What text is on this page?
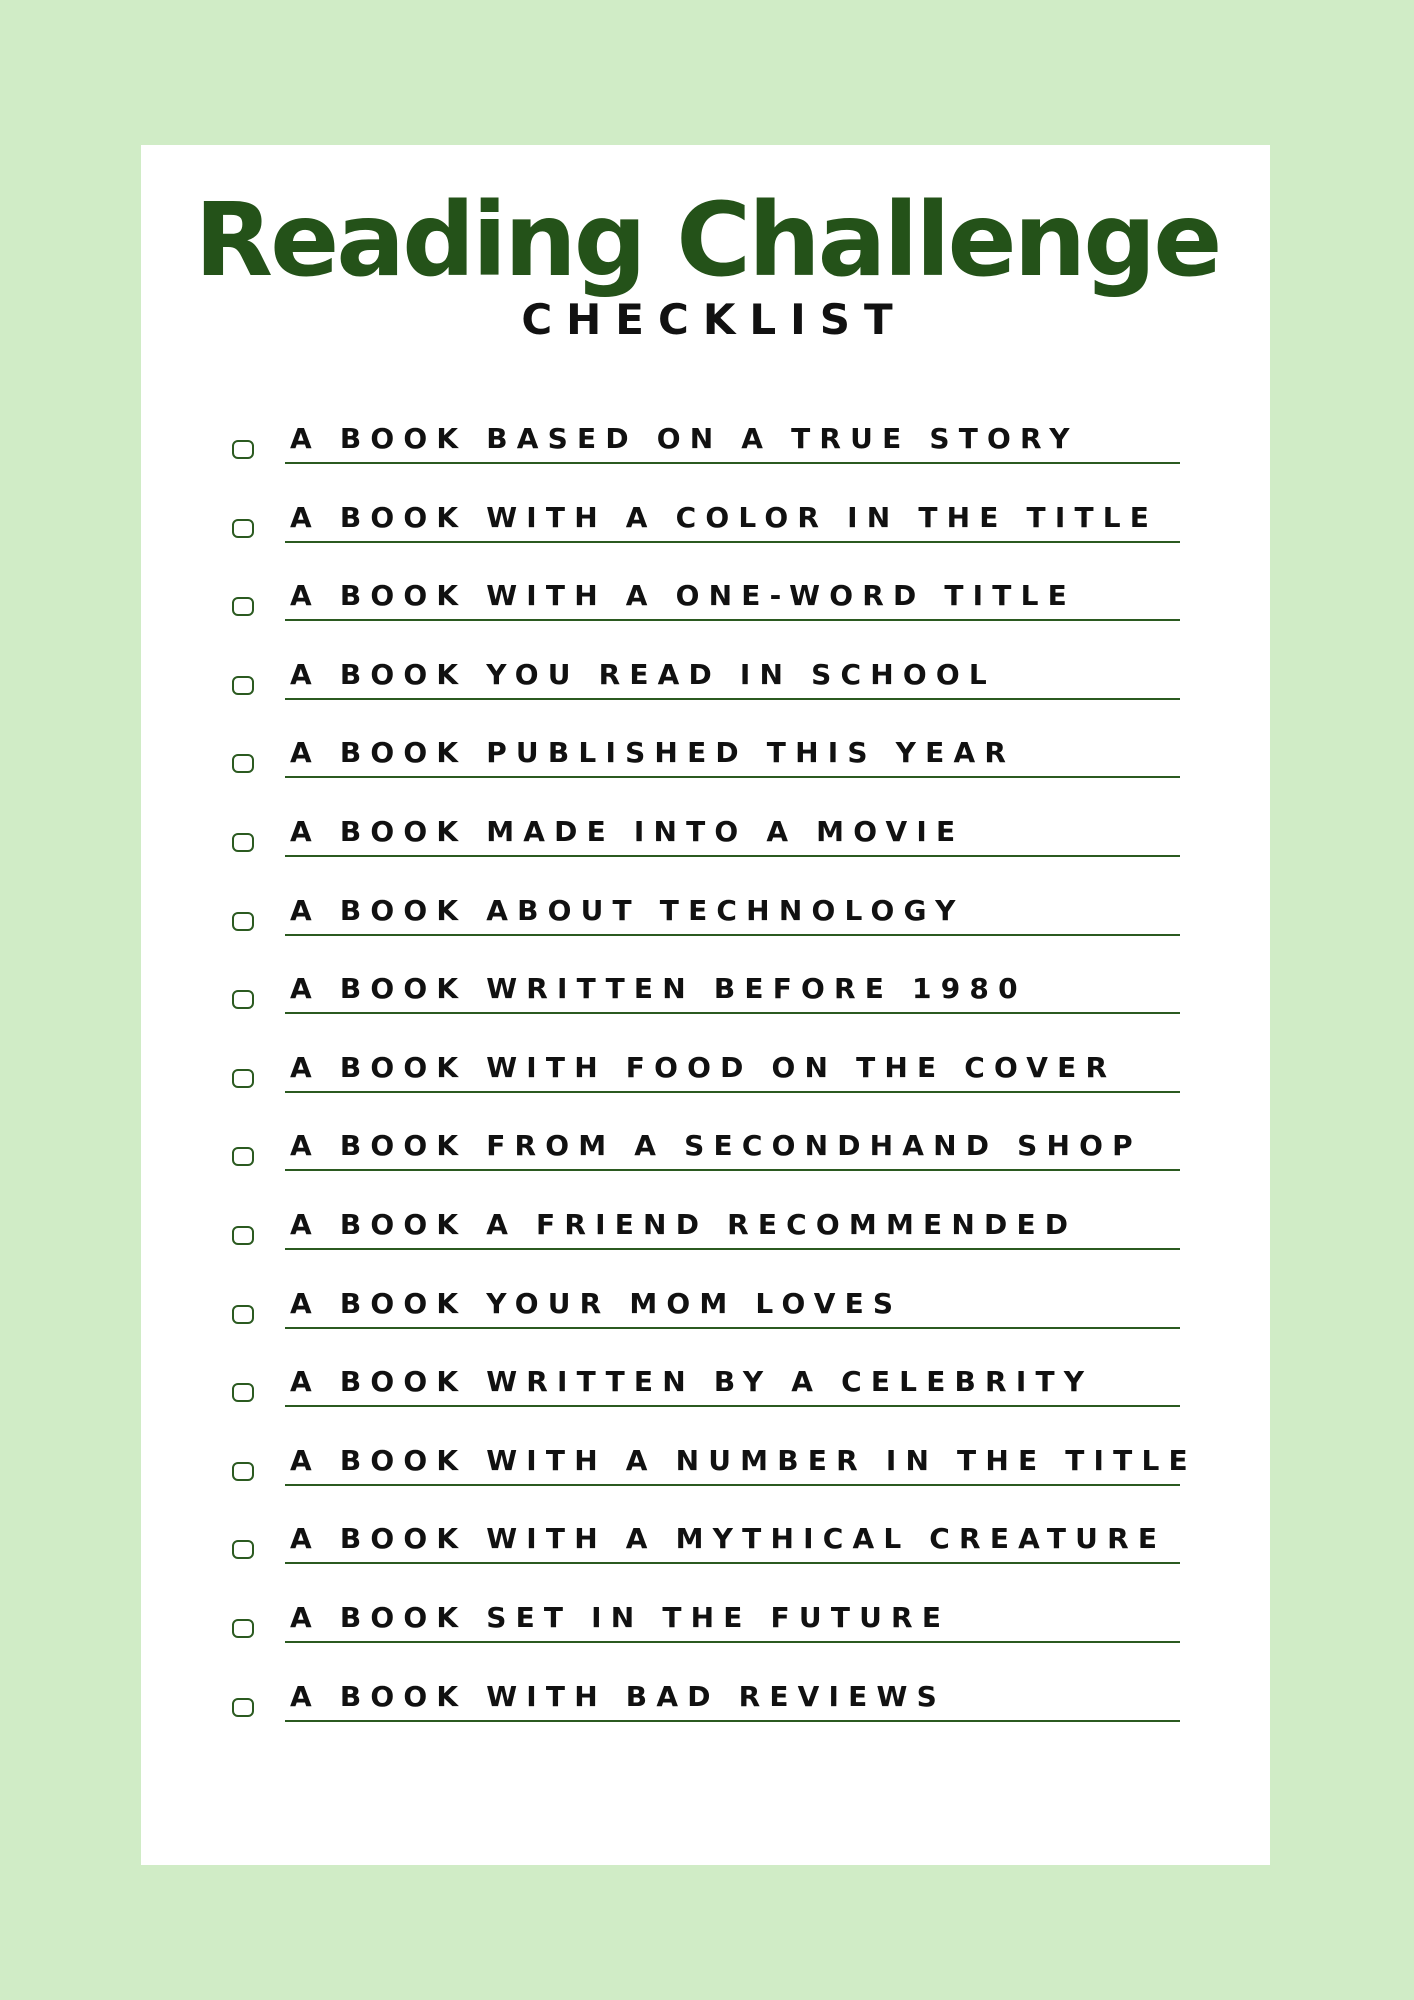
Reading Challenge
CHECKLIST
A BOOK BASED ON A TRUE STORY
A BOOK WITH A COLOR IN THE TITLE
A BOOK WITH A ONE-WORD TITLE
A BOOK YOU READ IN SCHOOL
A BOOK PUBLISHED THIS YEAR
A BOOK MADE INTO A MOVIE
A BOOK ABOUT TECHNOLOGY
A BOOK WRITTEN BEFORE 1980
A BOOK WITH FOOD ON THE COVER
A BOOK FROM A SECONDHAND SHOP
A BOOK A FRIEND RECOMMENDED
A BOOK YOUR MOM LOVES
A BOOK WRITTEN BY A CELEBRITY
A BOOK WITH A NUMBER IN THE TITLE
A BOOK WITH A MYTHICAL CREATURE
A BOOK SET IN THE FUTURE
A BOOK WITH BAD REVIEWS
